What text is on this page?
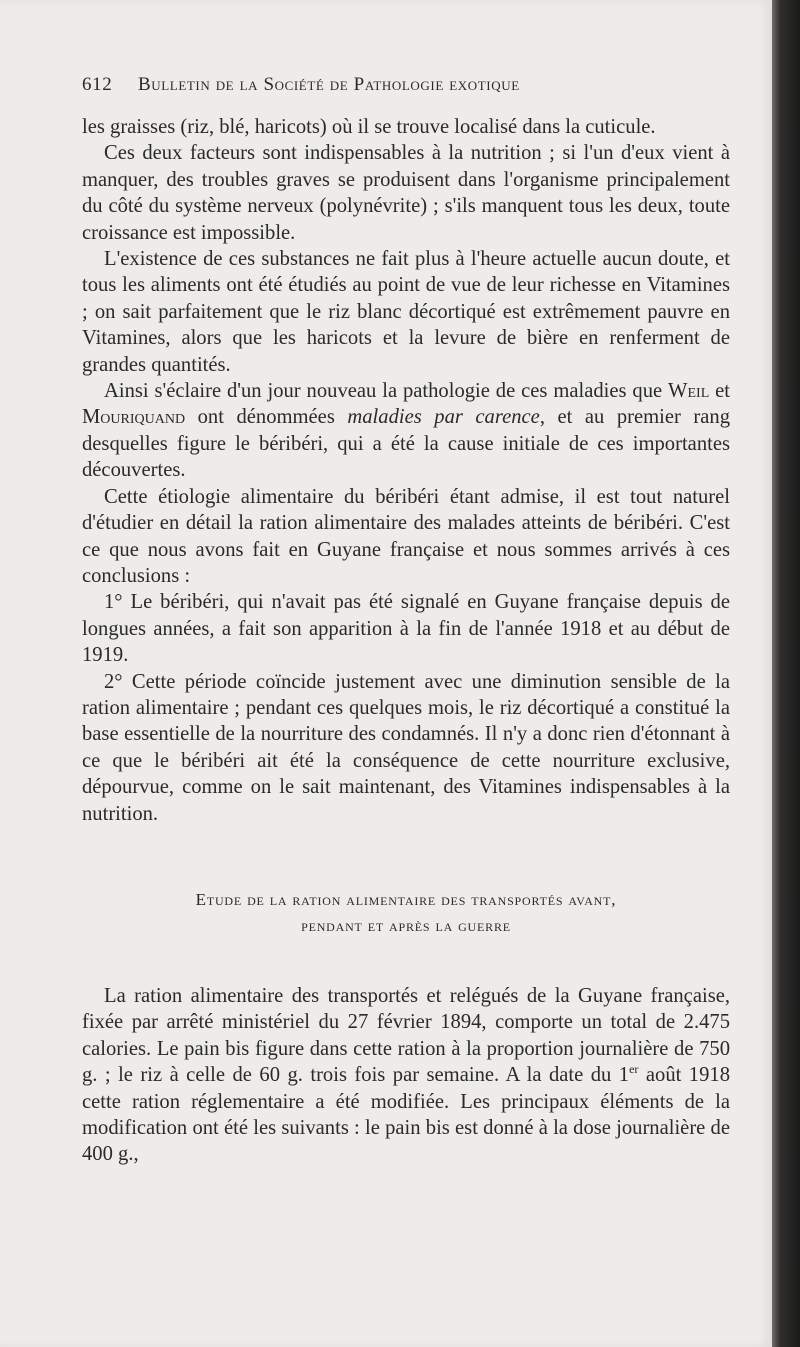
612	Bulletin de la Société de Pathologie exotique

les graisses (riz, blé, haricots) où il se trouve localisé dans la cuticule.

Ces deux facteurs sont indispensables à la nutrition ; si l'un d'eux vient à manquer, des troubles graves se produisent dans l'organisme principalement du côté du système nerveux (polynévrite) ; s'ils manquent tous les deux, toute croissance est impossible.

L'existence de ces substances ne fait plus à l'heure actuelle aucun doute, et tous les aliments ont été étudiés au point de vue de leur richesse en Vitamines ; on sait parfaitement que le riz blanc décortiqué est extrêmement pauvre en Vitamines, alors que les haricots et la levure de bière en renferment de grandes quantités.

Ainsi s'éclaire d'un jour nouveau la pathologie de ces maladies que Weil et Mouriquand ont dénommées maladies par carence, et au premier rang desquelles figure le béribéri, qui a été la cause initiale de ces importantes découvertes.

Cette étiologie alimentaire du béribéri étant admise, il est tout naturel d'étudier en détail la ration alimentaire des malades atteints de béribéri. C'est ce que nous avons fait en Guyane française et nous sommes arrivés à ces conclusions :

1° Le béribéri, qui n'avait pas été signalé en Guyane française depuis de longues années, a fait son apparition à la fin de l'année 1918 et au début de 1919.

2° Cette période coïncide justement avec une diminution sensible de la ration alimentaire ; pendant ces quelques mois, le riz décortiqué a constitué la base essentielle de la nourriture des condamnés. Il n'y a donc rien d'étonnant à ce que le béribéri ait été la conséquence de cette nourriture exclusive, dépourvue, comme on le sait maintenant, des Vitamines indispensables à la nutrition.

Etude de la ration alimentaire des transportés avant,
pendant et après la guerre

La ration alimentaire des transportés et relégués de la Guyane française, fixée par arrêté ministériel du 27 février 1894, comporte un total de 2.475 calories. Le pain bis figure dans cette ration à la proportion journalière de 750 g. ; le riz à celle de 60 g. trois fois par semaine. A la date du 1er août 1918 cette ration réglementaire a été modifiée. Les principaux éléments de la modification ont été les suivants : le pain bis est donné à la dose journalière de 400 g.,
